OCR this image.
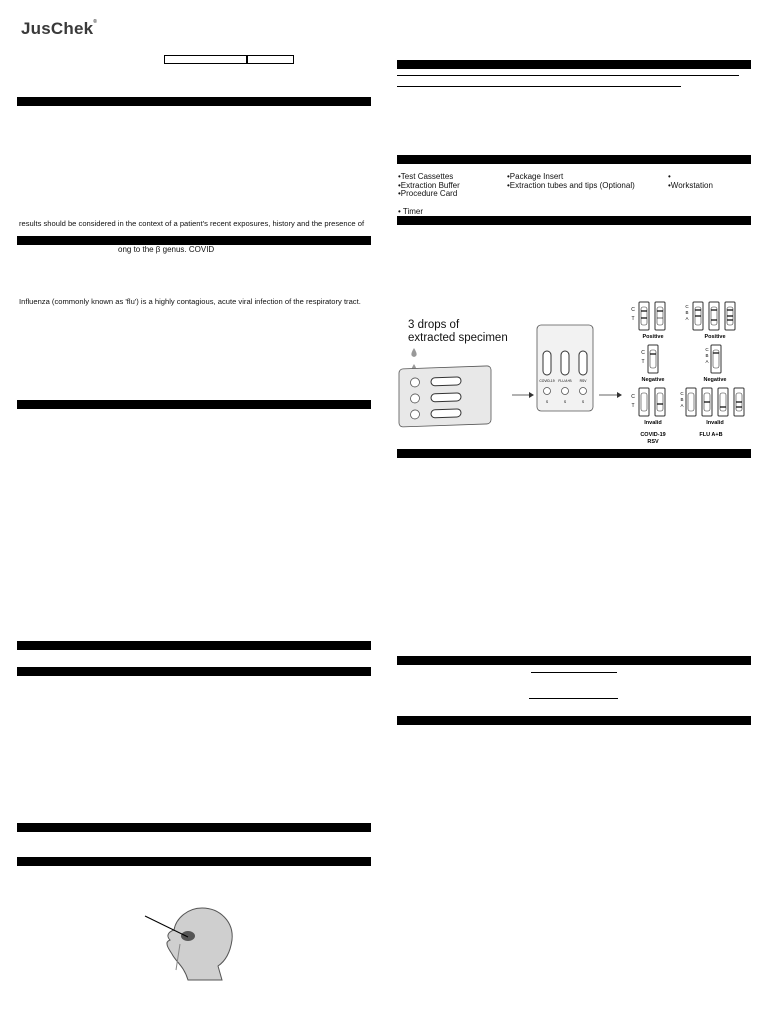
JusChek®
results should be considered in the context of a patient's recent exposures, history and the presence of
ong to the β genus. COVID
Influenza (commonly known as 'flu') is a highly contagious, acute viral infection of the respiratory tract.
•Test Cassettes
•Extraction Buffer
•Procedure Card
•Package Insert
•Extraction tubes and tips (Optional)
•
•Workstation
• Timer
3 drops of
extracted specimen
COVID-19 FLU A+B RSV
S	S	S
C
T
Positive
C
B
A
Positive
C
T
Negative
C
B
A
Negative
C
T
Invalid
COVID-19
RSV
C
B
A
Invalid
FLU A+B
